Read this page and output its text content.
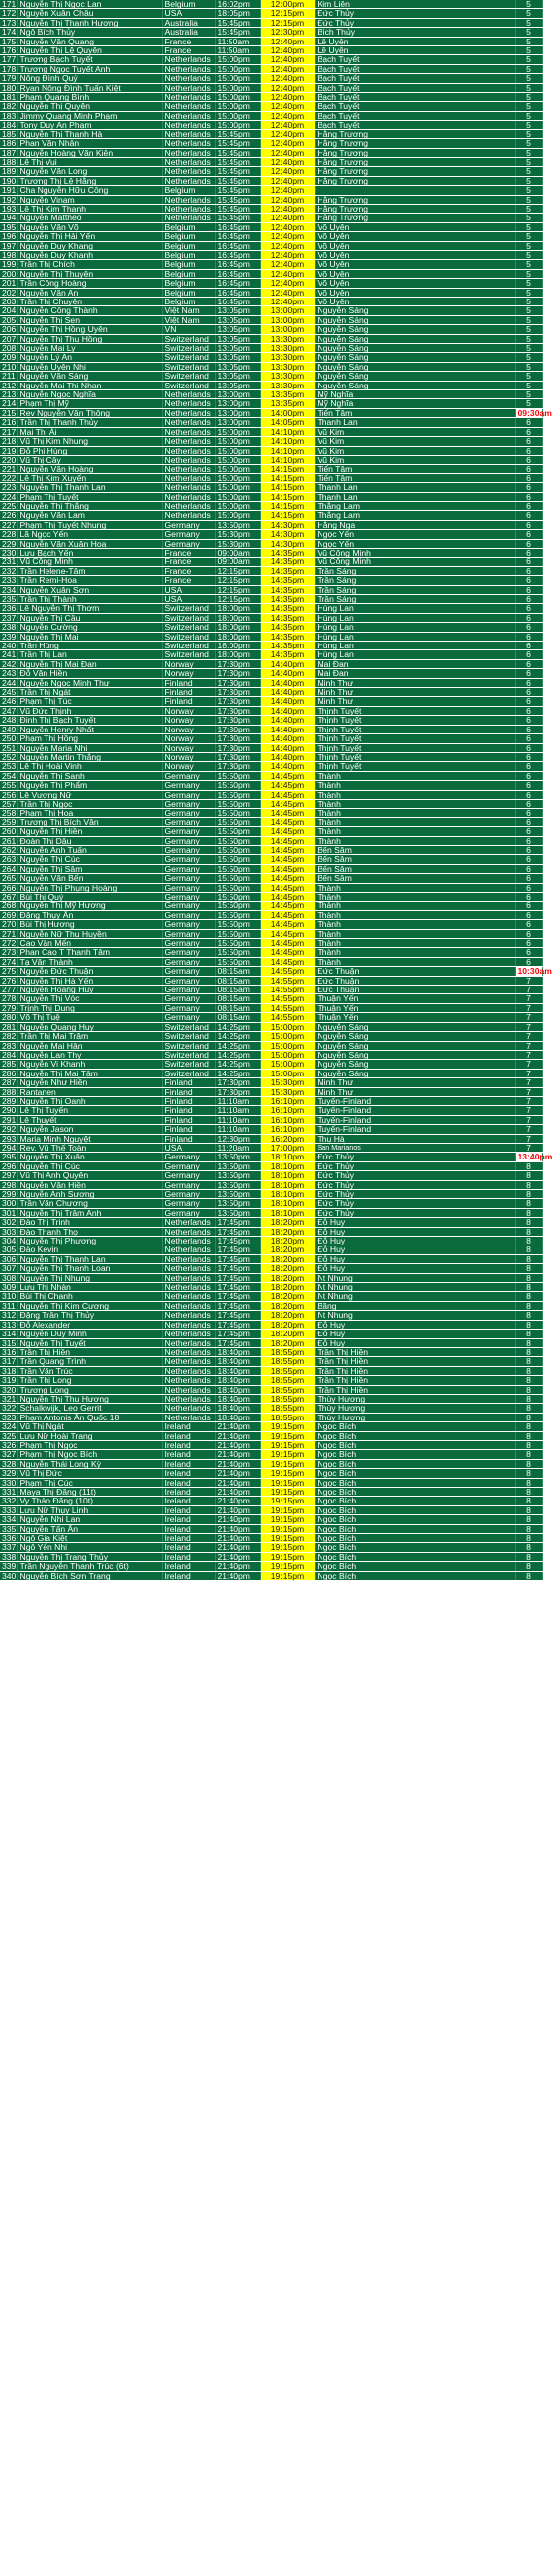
171	Nguyễn Thị Ngọc Lan	Belgium	16:02pm	12:00pm	Kim Liên	5
172	Nguyễn Xuân Châu	USA	18:05pm	12:15pm	Đức Thủy	5
173	Nguyễn Thị Thanh Hương	Australia	15:45pm	12:15pm	Đức Thủy	5
174	Ngô Bích Thủy	Australia	15:45pm	12:30pm	Bích Thủy	5
175	Nguyễn Văn Quang	France	11:50am	12:40pm	Lê Uyên	5
176	Nguyễn Thị Lệ Quyên	France	11:50am	12:40pm	Lê Uyên	5
177	Trương Bạch Tuyết	Netherlands	15:00pm	12:40pm	Bạch Tuyết	5
178	Trương Ngọc Tuyết Anh	Netherlands	15:00pm	12:40pm	Bạch Tuyết	5
179	Nông Đình Quý	Netherlands	15:00pm	12:40pm	Bạch Tuyết	5
180	Ryan Nông Đình Tuấn Kiệt	Netherlands	15:00pm	12:40pm	Bạch Tuyết	5
181	Phạm Quang Bình	Netherlands	15:00pm	12:40pm	Bạch Tuyết	5
182	Nguyễn Thị Quyên	Netherlands	15:00pm	12:40pm	Bạch Tuyết	5
183	Jimmy Quang Minh Phạm	Netherlands	15:00pm	12:40pm	Bạch Tuyết	5
184	Tony Duy An Phạm	Netherlands	15:00pm	12:40pm	Bạch Tuyết	5
185	Nguyễn Thị Thanh Hà	Netherlands	15:45pm	12:40pm	Hằng Trương	5
186	Phan Văn Nhân	Netherlands	15:45pm	12:40pm	Hằng Trương	5
187	Nguyễn Hoàng Văn Kiên	Netherlands	15:45pm	12:40pm	Hằng Trương	5
188	Lê Thị Vui	Netherlands	15:45pm	12:40pm	Hằng Trương	5
189	Nguyễn Văn Long	Netherlands	15:45pm	12:40pm	Hằng Trương	5
190	Trương Thị Lệ Hằng	Netherlands	15:45pm	12:40pm	Hằng Trương	5
191	Cha Nguyễn Hữu Công	Belgium	15:45pm	12:40pm		5
192	Nguyễn Vinam	Netherlands	15:45pm	12:40pm	Hằng Trương	5
193	Lê Thị Kim Thanh	Netherlands	15:45pm	12:40pm	Hằng Trương	5
194	Nguyễn Mattheo	Netherlands	15:45pm	12:40pm	Hằng Trương	5
195	Nguyễn Văn Võ	Belgium	16:45pm	12:40pm	Võ Uyên	5
196	Nguyễn Thị Hải Yến	Belgium	16:45pm	12:40pm	Võ Uyên	5
197	Nguyễn Duy Khang	Belgium	16:45pm	12:40pm	Võ Uyên	5
198	Nguyễn Duy Khanh	Belgium	16:45pm	12:40pm	Võ Uyên	5
199	Trần Thị Chích	Belgium	16:45pm	12:40pm	Võ Uyên	5
200	Nguyễn Thị Thuyên	Belgium	16:45pm	12:40pm	Võ Uyên	5
201	Trần Công Hoàng	Belgium	16:45pm	12:40pm	Võ Uyên	5
202	Nguyễn Văn An	Belgium	16:45pm	12:40pm	Võ Uyên	5
203	Trần Thị Chuyên	Belgium	16:45pm	12:40pm	Võ Uyên	5
204	Nguyễn Công Thành	Việt Nam	13:05pm	13:00pm	Nguyễn Sáng	5
205	Nguyễn Thị Sen	Việt Nam	13:05pm	13:00pm	Nguyễn Sáng	5
206	Nguyễn Thị Hồng Uyên	VN	13:05pm	13:00pm	Nguyễn Sáng	5
207	Nguyễn Thị Thu Hồng	Switzerland	13:05pm	13:30pm	Nguyễn Sáng	5
208	Nguyễn Mai Ly	Switzerland	13:05pm	13:30pm	Nguyễn Sáng	5
209	Nguyễn Lý An	Switzerland	13:05pm	13:30pm	Nguyễn Sáng	5
210	Nguyễn Uyên Nhi	Switzerland	13:05pm	13:30pm	Nguyễn Sáng	5
211	Nguyễn Văn Sáng	Switzerland	13:05pm	13:30pm	Nguyễn Sáng	5
212	Nguyễn Mai Thi Nhan	Switzerland	13:05pm	13:30pm	Nguyễn Sáng	5
213	Nguyễn Ngọc Nghĩa	Netherlands	13:00pm	13:35pm	Mỹ Nghĩa	5
214	Phạm Thị Mỹ	Netherlands	13:00pm	13:35pm	Mỹ Nghĩa	5
215	Rev Nguyễn Văn Thông	Netherlands	13:00pm	14:00pm	Tiến Tâm	09:30am
216	Trần Thị Thanh Thủy	Netherlands	13:00pm	14:05pm	Thanh Lan	6
217	Mai Thị Ái	Netherlands	15:00pm	14:10pm	Vũ Kim	6
218	Vũ Thị Kim Nhung	Netherlands	15:00pm	14:10pm	Vũ Kim	6
219	Đỗ Phi Hùng	Netherlands	15:00pm	14:10pm	Vũ Kim	6
220	Vũ Thị Cây	Netherlands	15:00pm	14:10pm	Vũ Kim	6
221	Nguyễn Văn Hoàng	Netherlands	15:00pm	14:15pm	Tiến Tâm	6
222	Lê Thị Kim Xuyến	Netherlands	15:00pm	14:15pm	Tiến Tâm	6
223	Nguyễn Thị Thanh Lan	Netherlands	15:00pm	14:15pm	Thanh Lan	6
224	Phạm Thị Tuyết	Netherlands	15:00pm	14:15pm	Thanh Lan	6
225	Nguyễn Thị Thắng	Netherlands	15:00pm	14:15pm	Thắng Lam	6
226	Nguyễn Văn Lam	Netherlands	15:00pm	14:15pm	Thắng Lam	6
227	Phạm Thị Tuyết Nhung	Germany	13:50pm	14:30pm	Hằng Nga	6
228	Lã Ngọc Yến	Germany	15:30pm	14:30pm	Ngọc Yến	6
229	Nguyễn Văn Xuân Hoa	Germany	15:30pm	14:30pm	Ngọc Yến	6
230	Lưu Bạch Yến	France	09:00am	14:35pm	Vũ Công Minh	6
231	Vũ Công Minh	France	09:00am	14:35pm	Vũ Công Minh	6
232	Trần Helene-Tâm	France	12:15pm	14:35pm	Trần Sáng	6
233	Trần Remi-Hoa	France	12:15pm	14:35pm	Trần Sáng	6
234	Nguyễn Xuân Sơn	USA	12:15pm	14:35pm	Trần Sáng	6
235	Trần Thị Thành	USA	12:15pm	14:35pm	Trần Sáng	6
236	Lê Nguyễn Thị Thơm	Switzerland	18:00pm	14:35pm	Hùng Lan	6
237	Nguyễn Thị Cầu	Switzerland	18:00pm	14:35pm	Hùng Lan	6
238	Nguyễn Cường	Switzerland	18:00pm	14:35pm	Hùng Lan	6
239	Nguyễn Thị Mai	Switzerland	18:00pm	14:35pm	Hùng Lan	6
240	Trần Hùng	Switzerland	18:00pm	14:35pm	Hùng Lan	6
241	Trần Thị Lan	Switzerland	18:00pm	14:35pm	Hùng Lan	6
242	Nguyễn Thị Mai Đan	Norway	17:30pm	14:40pm	Mai Đan	6
243	Đỗ Văn Hiền	Norway	17:30pm	14:40pm	Mai Đan	6
244	Nguyễn Ngọc Minh Thư	Finland	17:30pm	14:40pm	Minh Thư	6
245	Trần Thị Ngát	Finland	17:30pm	14:40pm	Minh Thư	6
246	Phạm Thị Túc	Finland	17:30pm	14:40pm	Minh Thư	6
247	Vũ Đức Thịnh	Norway	17:30pm	14:40pm	Thịnh Tuyết	6
248	Đinh Thị Bạch Tuyết	Norway	17:30pm	14:40pm	Thịnh Tuyết	6
249	Nguyễn Henry Nhất	Norway	17:30pm	14:40pm	Thịnh Tuyết	6
250	Phạm Thị Hồng	Norway	17:30pm	14:40pm	Thịnh Tuyết	6
251	Nguyễn Maria Nhi	Norway	17:30pm	14:40pm	Thịnh Tuyết	6
252	Nguyễn Martin Thắng	Norway	17:30pm	14:40pm	Thịnh Tuyết	6
253	Lê Thị Hoài Vinh	Norway	17:30pm	14:40pm	Thịnh Tuyết	6
254	Nguyễn Thị Sanh	Germany	15:50pm	14:45pm	Thành	6
255	Nguyễn Thị Phẩm	Germany	15:50pm	14:45pm	Thành	6
256	Lê Vương Nữ	Germany	15:50pm	14:45pm	Thành	6
257	Trần Thị Ngọc	Germany	15:50pm	14:45pm	Thành	6
258	Phạm Thị Hoa	Germany	15:50pm	14:45pm	Thành	6
259	Trương Thị Bích Vân	Germany	15:50pm	14:45pm	Thành	6
260	Nguyễn Thị Hiền	Germany	15:50pm	14:45pm	Thành	6
261	Đoàn Thị Dậu	Germany	15:50pm	14:45pm	Thành	6
262	Nguyễn Anh Tuấn	Germany	15:50pm	14:45pm	Bến Sâm	6
263	Nguyễn Thị Cúc	Germany	15:50pm	14:45pm	Bến Sâm	6
264	Nguyễn Thị Sâm	Germany	15:50pm	14:45pm	Bến Sâm	6
265	Nguyễn Văn Bến	Germany	15:50pm	14:45pm	Bến Sâm	6
266	Nguyễn Thị Phụng Hoàng	Germany	15:50pm	14:45pm	Thành	6
267	Bùi Thị Quý	Germany	15:50pm	14:45pm	Thành	6
268	Nguyễn Thị Mỹ Hương	Germany	15:50pm	14:45pm	Thành	6
269	Đặng Thụy Ân	Germany	15:50pm	14:45pm	Thành	6
270	Bùi Thị Hương	Germany	15:50pm	14:45pm	Thành	6
271	Nguyễn Nữ Thu Huyền	Germany	15:50pm	14:45pm	Thành	6
272	Cao Văn Mến	Germany	15:50pm	14:45pm	Thành	6
273	Phan Cao T Thanh Tâm	Germany	15:50pm	14:45pm	Thành	6
274	Tạ Văn Thành	Germany	15:50pm	14:45pm	Thành	6
275	Nguyễn Đức Thuận	Germany	08:15am	14:55pm	Đức Thuận	10:30am
276	Nguyễn Thị Hà Yến	Germany	08:15am	14:55pm	Đức Thuận	7
277	Nguyễn Hoàng Huy	Germany	08:15am	14:55pm	Đức Thuận	7
278	Nguyễn Thị Vóc	Germany	08:15am	14:55pm	Thuận Yến	7
279	Trịnh Thị Dung	Germany	08:15am	14:55pm	Thuận Yến	7
280	Võ Thị Tuệ	Germany	08:15am	14:55pm	Thuận Yến	7
281	Nguyễn Quang Huy	Switzerland	14:25pm	15:00pm	Nguyễn Sáng	7
282	Trần Thị Mai Trâm	Switzerland	14:25pm	15:00pm	Nguyễn Sáng	7
283	Nguyễn Mai Hân	Switzerland	14:25pm	15:00pm	Nguyễn Sáng	7
284	Nguyễn Lan Thy	Switzerland	14:25pm	15:00pm	Nguyễn Sáng	7
285	Nguyễn Vi Khanh	Switzerland	14:25pm	15:00pm	Nguyễn Sáng	7
286	Nguyễn Thị Mai Tâm	Switzerland	14:25pm	15:00pm	Nguyễn Sáng	7
287	Nguyễn Như Hiền	Finland	17:30pm	15:30pm	Minh Thư	7
288	Rantanen	Finland	17:30pm	15:30pm	Minh Thư	7
289	Nguyễn Thị Oanh	Finland	11:10am	16:10pm	Tuyến-Finland	7
290	Lê Thị Tuyến	Finland	11:10am	16:10pm	Tuyến-Finland	7
291	Lê Thuyết	Finland	11:10am	16:10pm	Tuyến-Finland	7
292	Nguyễn Jason	Finland	11:10am	16:10pm	Tuyến-Finland	7
293	Maria Minh Nguyệt	Finland	12:30pm	16:20pm	Thu Hà	7
294	Rev. Vũ Thế Toàn	USA	11:20am	17:00pm	San Marianos	7
295	Nguyễn Thị Xuân	Germany	13:50pm	18:10pm	Đức Thủy	13:40pm
296	Nguyễn Thị Cúc	Germany	13:50pm	18:10pm	Đức Thủy	8
297	Vũ Thị Anh Quyên	Germany	13:50pm	18:10pm	Đức Thủy	8
298	Nguyễn Văn Hiền	Germany	13:50pm	18:10pm	Đức Thủy	8
299	Nguyễn Anh Sương	Germany	13:50pm	18:10pm	Đức Thủy	8
300	Trần Văn Chương	Germany	13:50pm	18:10pm	Đức Thủy	8
301	Nguyễn Thị Trâm Anh	Germany	13:50pm	18:10pm	Đức Thủy	8
302	Đào Thị Trinh	Netherlands	17:45pm	18:20pm	Đỗ Huy	8
303	Đào Thanh Thọ	Netherlands	17:45pm	18:20pm	Đỗ Huy	8
304	Nguyễn Thị Phương	Netherlands	17:45pm	18:20pm	Đỗ Huy	8
305	Đào Kevin	Netherlands	17:45pm	18:20pm	Đỗ Huy	8
306	Nguyễn Thị Thanh Lan	Netherlands	17:45pm	18:20pm	Đỗ Huy	8
307	Nguyễn Thị Thanh Loan	Netherlands	17:45pm	18:20pm	Đỗ Huy	8
308	Nguyễn Thị Nhung	Netherlands	17:45pm	18:20pm	Nt Nhung	8
309	Lưu Thị Nhàn	Netherlands	17:45pm	18:20pm	Nt Nhung	8
310	Bùi Thị Chanh	Netherlands	17:45pm	18:20pm	Nt Nhung	8
311	Nguyễn Thị Kim Cương	Netherlands	17:45pm	18:20pm	Băng	8
312	Đặng Trần Thị Thủy	Netherlands	17:45pm	18:20pm	Nt Nhung	8
313	Đỗ Alexander	Netherlands	17:45pm	18:20pm	Đỗ Huy	8
314	Nguyễn Duy Minh	Netherlands	17:45pm	18:20pm	Đỗ Huy	8
315	Nguyễn Thị Tuyết	Netherlands	17:45pm	18:20pm	Đỗ Huy	8
316	Trần Thị Hiền	Netherlands	18:40pm	18:55pm	Trần Thị Hiền	8
317	Trần Quang Trình	Netherlands	18:40pm	18:55pm	Trần Thị Hiền	8
318	Trần Văn Trúc	Netherlands	18:40pm	18:55pm	Trần Thị Hiền	8
319	Trần Thị Long	Netherlands	18:40pm	18:55pm	Trần Thị Hiền	8
320	Trương Long	Netherlands	18:40pm	18:55pm	Trần Thị Hiền	8
321	Nguyễn Thị Thu Hương	Netherlands	18:40pm	18:55pm	Thùy Hương	8
322	Schalkwijk, Leo Gerrit	Netherlands	18:40pm	18:55pm	Thùy Hương	8
323	Phạm Antonis Ân Quốc 18	Netherlands	18:40pm	18:55pm	Thùy Hương	8
324	Vũ Thị Ngát	Ireland	21:40pm	19:15pm	Ngọc Bích	8
325	Lưu Nữ Hoài Trang	Ireland	21:40pm	19:15pm	Ngọc Bích	8
326	Phạm Thị Ngọc	Ireland	21:40pm	19:15pm	Ngọc Bích	8
327	Phạm Thị Ngọc Bích	Ireland	21:40pm	19:15pm	Ngọc Bích	8
328	Nguyễn Thái Long Kỳ	Ireland	21:40pm	19:15pm	Ngọc Bích	8
329	Vũ Thị Đức	Ireland	21:40pm	19:15pm	Ngọc Bích	8
330	Phạm Thị Cúc	Ireland	21:40pm	19:15pm	Ngọc Bích	8
331	Maya Thị Đăng (11t)	Ireland	21:40pm	19:15pm	Ngọc Bích	8
332	Vy Thảo Đăng (10t)	Ireland	21:40pm	19:15pm	Ngọc Bích	8
333	Lưu Nữ Thụy Linh	Ireland	21:40pm	19:15pm	Ngọc Bích	8
334	Nguyễn Nhi Lan	Ireland	21:40pm	19:15pm	Ngọc Bích	8
335	Nguyễn Tấn Ân	Ireland	21:40pm	19:15pm	Ngọc Bích	8
336	Ngô Gia Kiệt	Ireland	21:40pm	19:15pm	Ngọc Bích	8
337	Ngô Yến Nhi	Ireland	21:40pm	19:15pm	Ngọc Bích	8
338	Nguyễn Thị Trang Thủy	Ireland	21:40pm	19:15pm	Ngọc Bích	8
339	Trần Nguyễn Thanh Trúc (6t)	Ireland	21:40pm	19:15pm	Ngọc Bích	8
340	Nguyễn Bích Sơn Trang	Ireland	21:40pm	19:15pm	Ngọc Bích	8
